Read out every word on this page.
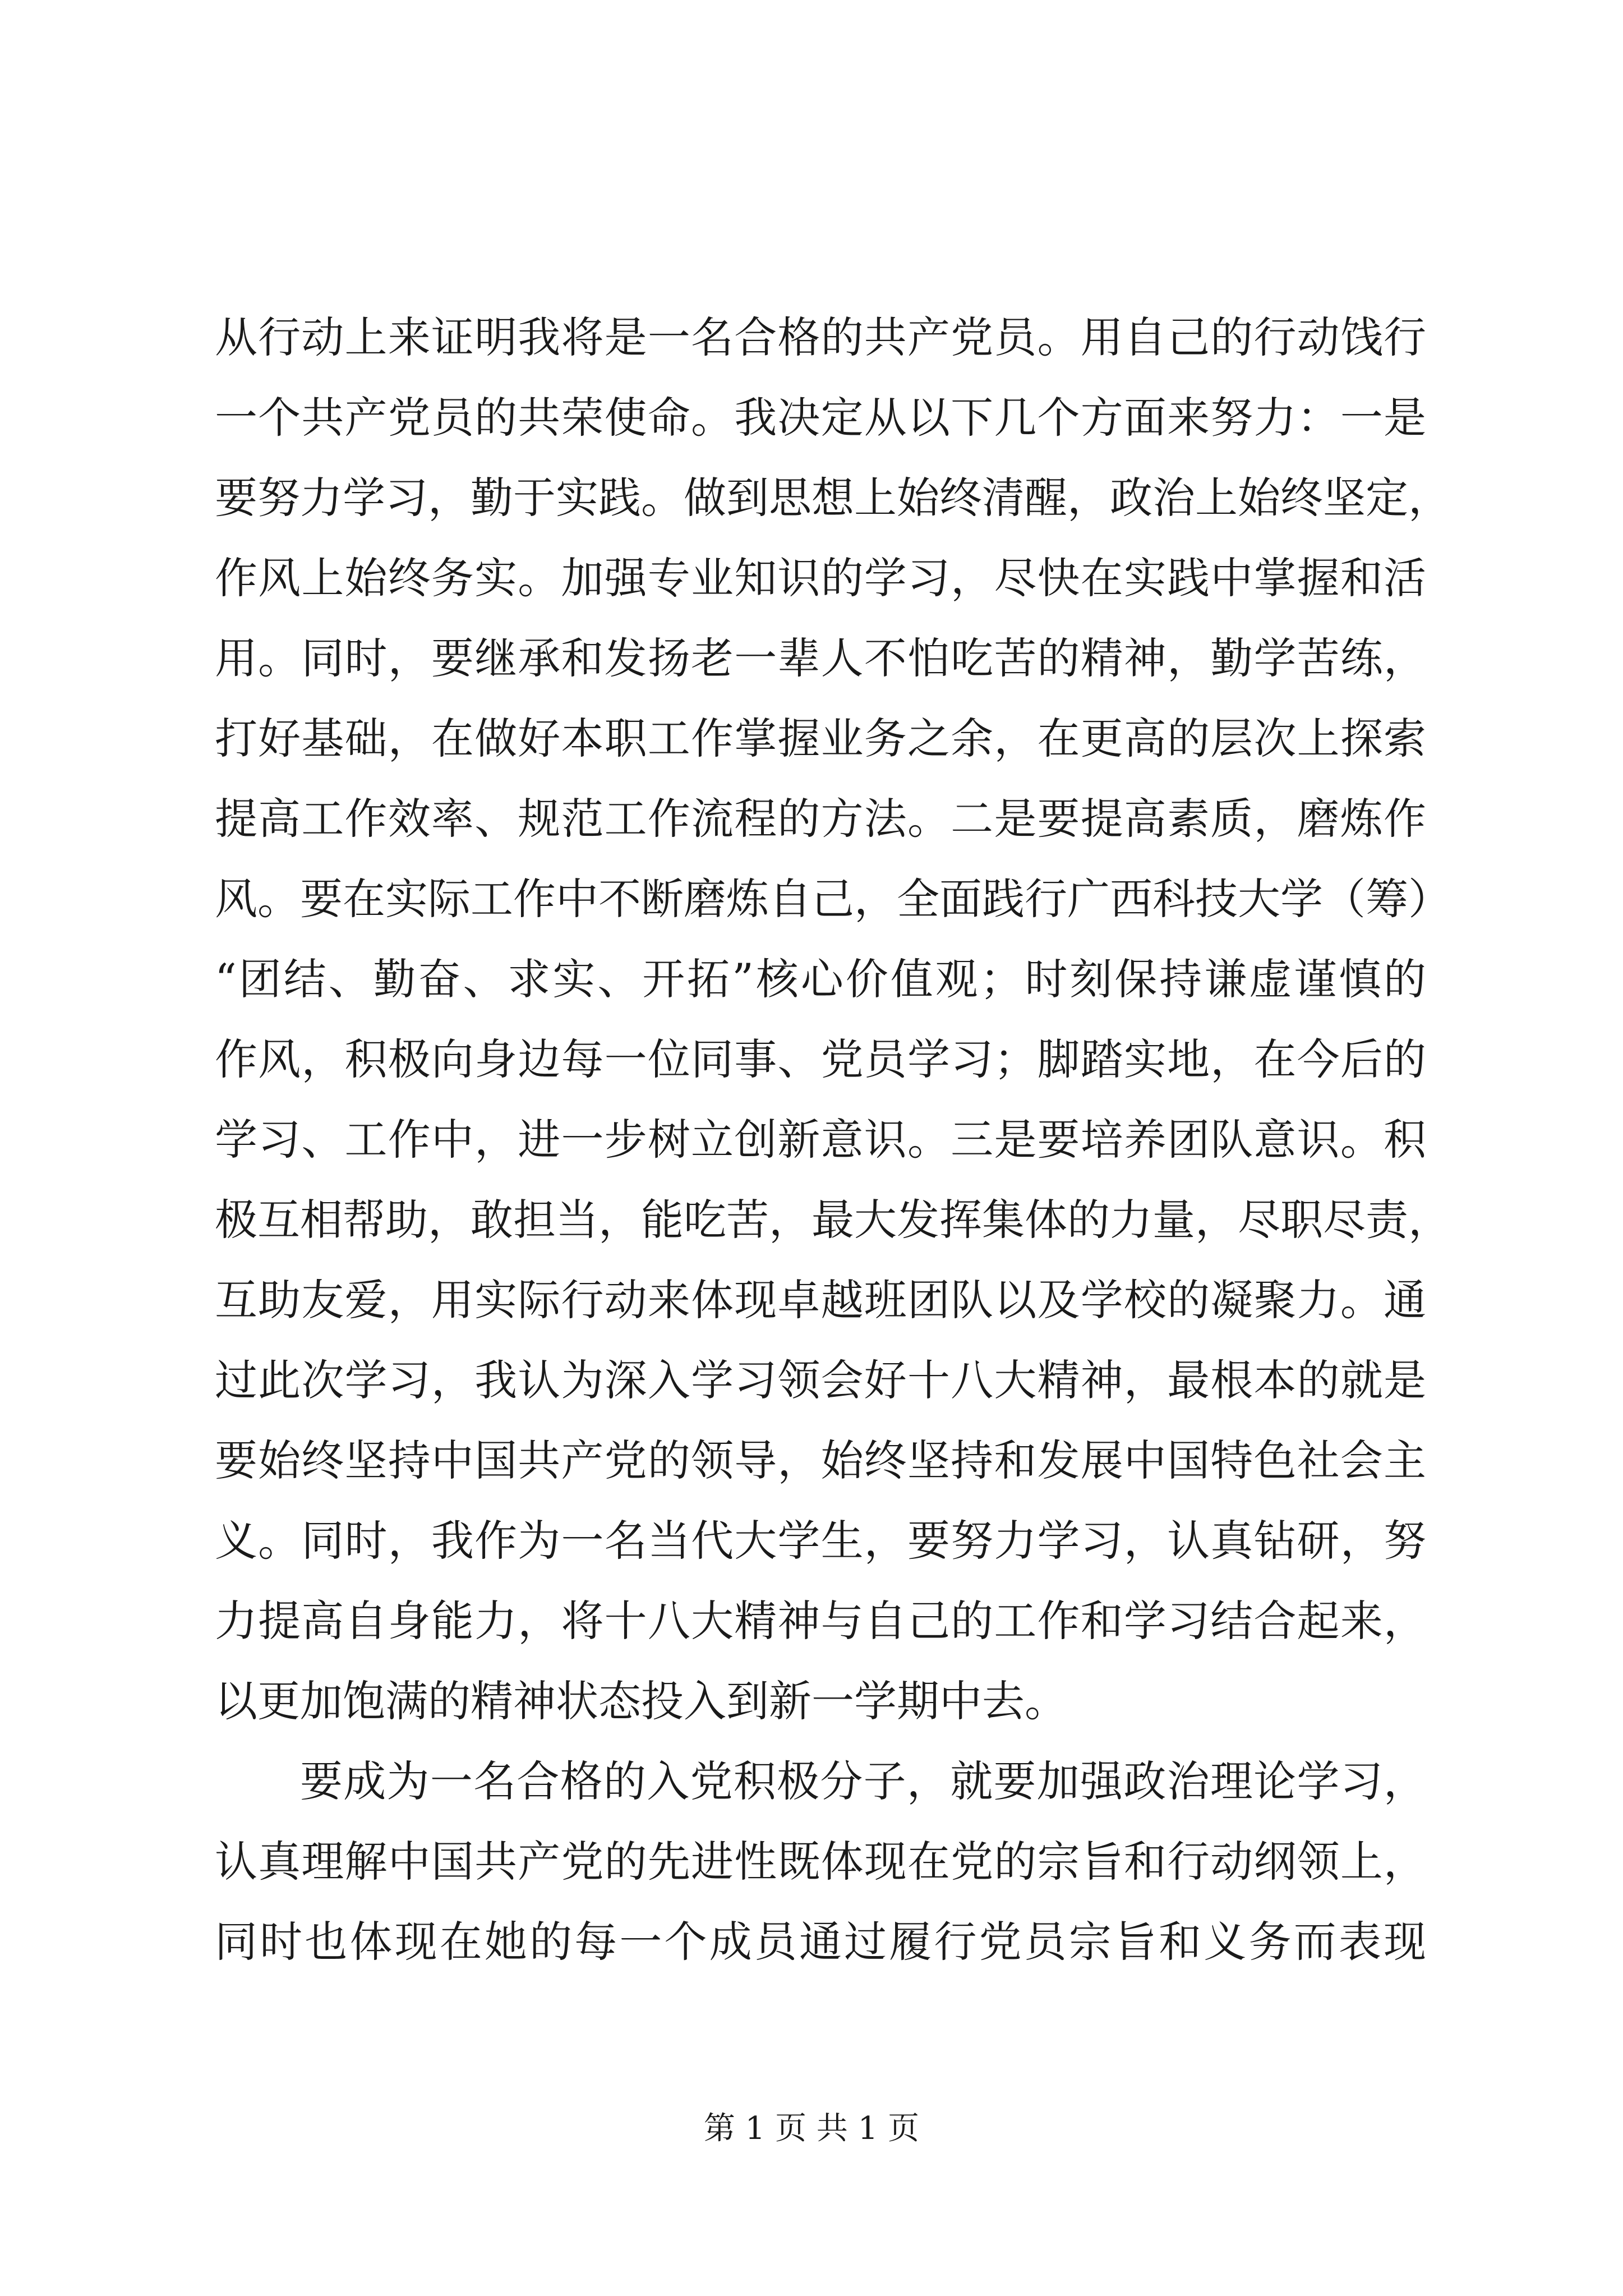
从行动上来证明我将是一名合格的共产党员。用自己的行动饯行
一个共产党员的共荣使命。我决定从以下几个方面来努力：一是
要努力学习，勤于实践。做到思想上始终清醒，政治上始终坚定，
作风上始终务实。加强专业知识的学习，尽快在实践中掌握和活
用。同时，要继承和发扬老一辈人不怕吃苦的精神，勤学苦练，
打好基础，在做好本职工作掌握业务之余，在更高的层次上探索
提高工作效率、规范工作流程的方法。二是要提高素质，磨炼作
风。要在实际工作中不断磨炼自己，全面践行广西科技大学（筹）
“团结、勤奋、求实、开拓”核心价值观；时刻保持谦虚谨慎的
作风，积极向身边每一位同事、党员学习；脚踏实地，在今后的
学习、工作中，进一步树立创新意识。三是要培养团队意识。积
极互相帮助，敢担当，能吃苦，最大发挥集体的力量，尽职尽责，
互助友爱，用实际行动来体现卓越班团队以及学校的凝聚力。通
过此次学习，我认为深入学习领会好十八大精神，最根本的就是
要始终坚持中国共产党的领导，始终坚持和发展中国特色社会主
义。同时，我作为一名当代大学生，要努力学习，认真钻研，努
力提高自身能力，将十八大精神与自己的工作和学习结合起来，
以更加饱满的精神状态投入到新一学期中去。
要成为一名合格的入党积极分子，就要加强政治理论学习，
认真理解中国共产党的先进性既体现在党的宗旨和行动纲领上，
同时也体现在她的每一个成员通过履行党员宗旨和义务而表现
第 1 页 共 1 页
